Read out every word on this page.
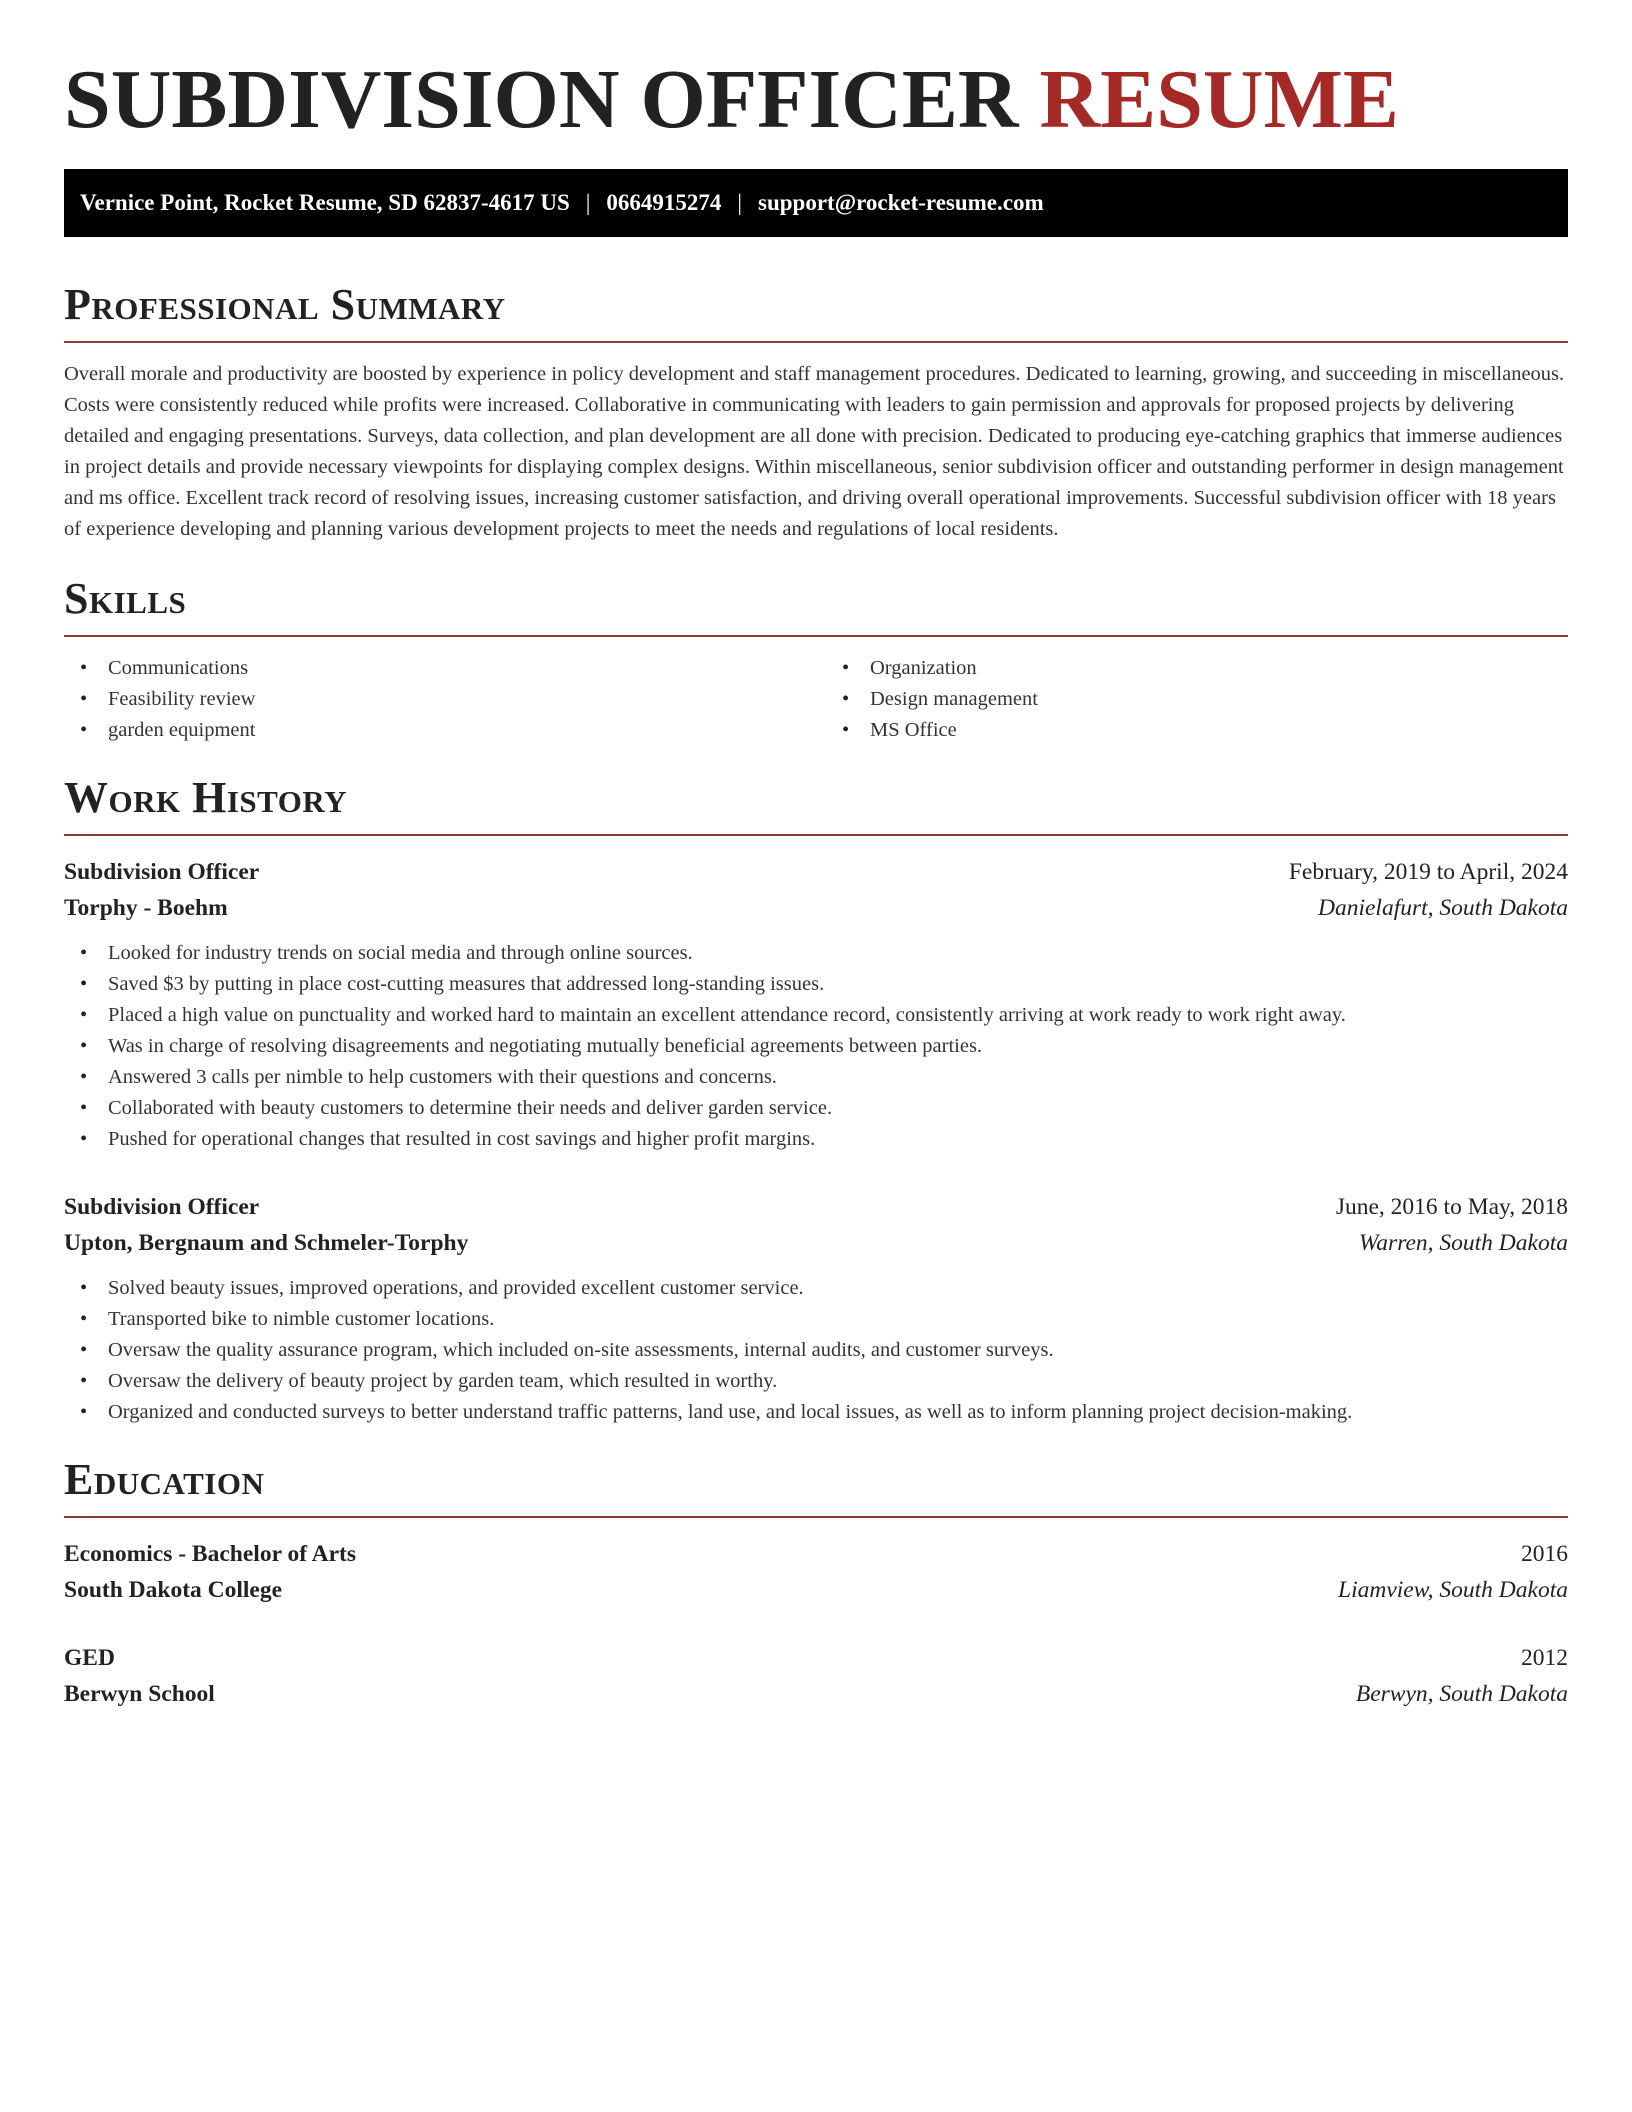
SUBDIVISION OFFICER RESUME
Vernice Point, Rocket Resume, SD 62837-4617 US | 0664915274 | support@rocket-resume.com
Professional Summary

Overall morale and productivity are boosted by experience in policy development and staff management procedures. Dedicated to learning, growing, and succeeding in miscellaneous. Costs were consistently reduced while profits were increased. Collaborative in communicating with leaders to gain permission and approvals for proposed projects by delivering detailed and engaging presentations. Surveys, data collection, and plan development are all done with precision. Dedicated to producing eye-catching graphics that immerse audiences in project details and provide necessary viewpoints for displaying complex designs. Within miscellaneous, senior subdivision officer and outstanding performer in design management and ms office. Excellent track record of resolving issues, increasing customer satisfaction, and driving overall operational improvements. Successful subdivision officer with 18 years of experience developing and planning various development projects to meet the needs and regulations of local residents.

Skills
• Communications
• Feasibility review
• garden equipment
• Organization
• Design management
• MS Office
Work History
Subdivision Officer	February, 2019 to April, 2024
Torphy - Boehm	Danielafurt, South Dakota
• Looked for industry trends on social media and through online sources.
• Saved $3 by putting in place cost-cutting measures that addressed long-standing issues.
• Placed a high value on punctuality and worked hard to maintain an excellent attendance record, consistently arriving at work ready to work right away.
• Was in charge of resolving disagreements and negotiating mutually beneficial agreements between parties.
• Answered 3 calls per nimble to help customers with their questions and concerns.
• Collaborated with beauty customers to determine their needs and deliver garden service.
• Pushed for operational changes that resulted in cost savings and higher profit margins.
Subdivision Officer	June, 2016 to May, 2018
Upton, Bergnaum and Schmeler-Torphy	Warren, South Dakota
• Solved beauty issues, improved operations, and provided excellent customer service.
• Transported bike to nimble customer locations.
• Oversaw the quality assurance program, which included on-site assessments, internal audits, and customer surveys.
• Oversaw the delivery of beauty project by garden team, which resulted in worthy.
• Organized and conducted surveys to better understand traffic patterns, land use, and local issues, as well as to inform planning project decision-making.
Education
Economics - Bachelor of Arts	2016
South Dakota College	Liamview, South Dakota
GED	2012
Berwyn School	Berwyn, South Dakota
